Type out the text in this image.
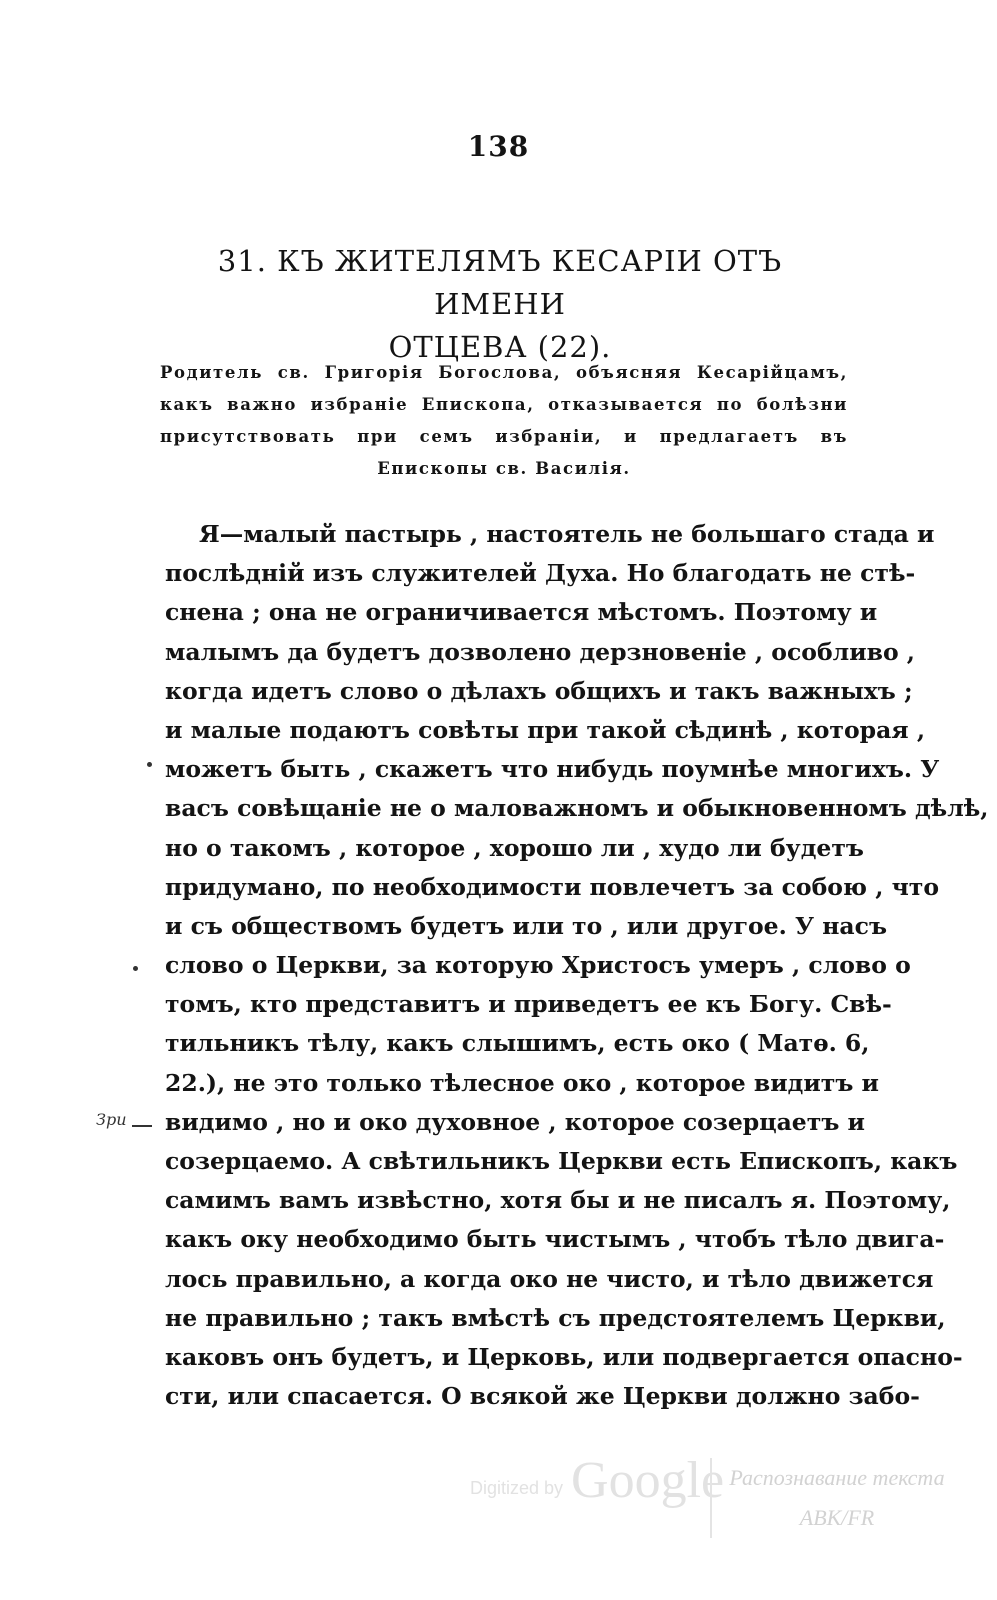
138
31. КЪ ЖИТЕЛЯМЪ КЕСАРIИ ОТЪ ИМЕНИ
ОТЦЕВА (22).
Родитель св. Григорія Богослова, объясняя Кесарійцамъ, какъ важно избраніе Епископа, отказывается по болѣзни присутствовать при семъ избраніи, и предлагаетъ въ Епископы св. Василія.
Я—малый пастырь , настоятель не большаго стада и
послѣдній изъ служителей Духа. Но благодать не стѣ-
снена ; она не ограничивается мѣстомъ. Поэтому и
малымъ да будетъ дозволено дерзновеніе , особливо ,
когда идетъ слово о дѣлахъ общихъ и такъ важныхъ ;
и малые подаютъ совѣты при такой сѣдинѣ , которая ,
можетъ быть , скажетъ что нибудь поумнѣе многихъ. У
васъ совѣщаніе не о маловажномъ и обыкновенномъ дѣлѣ,
но о такомъ , которое , хорошо ли , худо ли будетъ
придумано, по необходимости повлечетъ за собою , что
и съ обществомъ будетъ или то , или другое. У насъ
слово о Церкви, за которую Христосъ умеръ , слово о
томъ, кто представитъ и приведетъ ее къ Богу. Свѣ-
тильникъ тѣлу, какъ слышимъ, есть око ( Матѳ. 6,
22.), не это только тѣлесное око , которое видитъ и
видимо , но и око духовное , которое созерцаетъ и
созерцаемо. А свѣтильникъ Церкви есть Епископъ, какъ
самимъ вамъ извѣстно, хотя бы и не писалъ я. Поэтому,
какъ оку необходимо быть чистымъ , чтобъ тѣло двига-
лось правильно, а когда око не чисто, и тѣло движется
не правильно ; такъ вмѣстѣ съ предстоятелемъ Церкви,
каковъ онъ будетъ, и Церковь, или подвергается опасно-
сти, или спасается. О всякой же Церкви должно забо-
Зри
Digitized by Google Распознавание текста
АВК/FR
